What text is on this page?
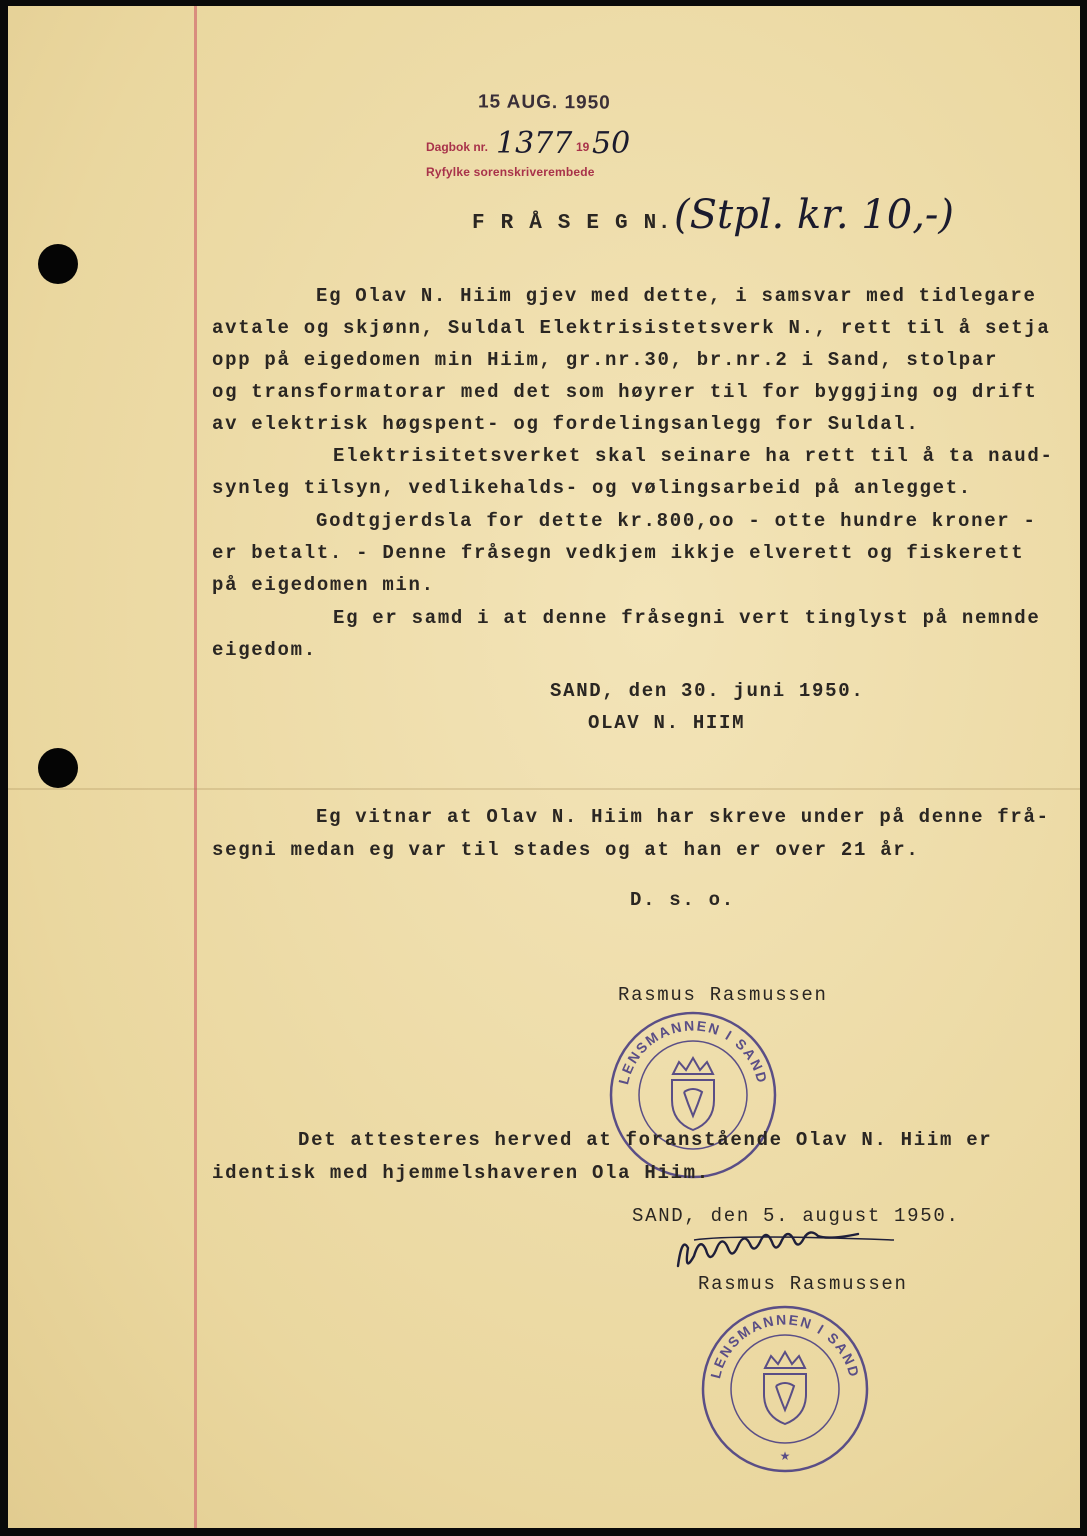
15 AUG. 1950
Dagbok nr. 1377 19 50
Ryfylke sorenskriverembede

F R Å S E G N. (Stpl. kr. 10,-)

Eg Olav N. Hiim gjev med dette, i samsvar med tidlegare

avtale og skjønn, Suldal Elektrisistetsverk N., rett til å setja

opp på eigedomen min Hiim, gr.nr.30, br.nr.2 i Sand, stolpar

og transformatorar med det som høyrer til for byggjing og drift

av elektrisk høgspent- og fordelingsanlegg for Suldal.

Elektrisitetsverket skal seinare ha rett til å ta naud-

synleg tilsyn, vedlikehalds- og vølingsarbeid på anlegget.

Godtgjerdsla for dette kr.800,oo - otte hundre kroner -

er betalt. - Denne fråsegn vedkjem ikkje elverett og fiskerett

på eigedomen min.

Eg er samd i at denne fråsegni vert tinglyst på nemnde

eigedom.

SAND, den 30. juni 1950.

OLAV N. HIIM

Eg vitnar at Olav N. Hiim har skreve under på denne frå-

segni medan eg var til stades og at han er over 21 år.

D. s. o.

Rasmus Rasmussen

LENSMANNEN I SAND

Det attesteres herved at foranstående Olav N. Hiim er

identisk med hjemmelshaveren Ola Hiim.

SAND, den 5. august 1950.

Rasmus Rasmussen

LENSMANNEN I SAND
★
